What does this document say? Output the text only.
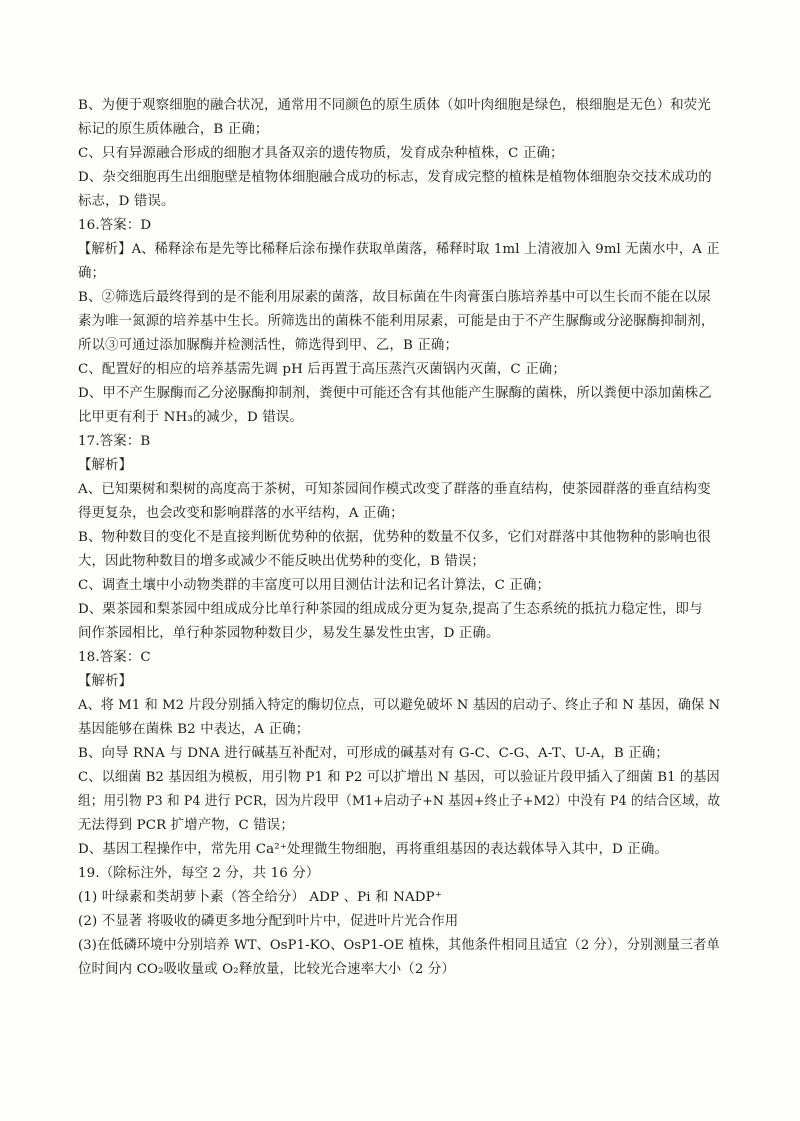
B、为便于观察细胞的融合状况，通常用不同颜色的原生质体（如叶肉细胞是绿色，根细胞是无色）和荧光
标记的原生质体融合，B 正确；
C、只有异源融合形成的细胞才具备双亲的遗传物质，发育成杂种植株，C 正确；
D、杂交细胞再生出细胞壁是植物体细胞融合成功的标志，发育成完整的植株是植物体细胞杂交技术成功的
标志，D 错误。
16.答案：D
【解析】A、稀释涂布是先等比稀释后涂布操作获取单菌落，稀释时取 1ml 上清液加入 9ml 无菌水中，A 正
确；
B、②筛选后最终得到的是不能利用尿素的菌落，故目标菌在牛肉膏蛋白胨培养基中可以生长而不能在以尿
素为唯一氮源的培养基中生长。所筛选出的菌株不能利用尿素，可能是由于不产生脲酶或分泌脲酶抑制剂，
所以③可通过添加脲酶并检测活性，筛选得到甲、乙，B 正确；
C、配置好的相应的培养基需先调 pH 后再置于高压蒸汽灭菌锅内灭菌，C 正确；
D、甲不产生脲酶而乙分泌脲酶抑制剂，粪便中可能还含有其他能产生脲酶的菌株，所以粪便中添加菌株乙
比甲更有利于 NH₃的减少，D 错误。
17.答案：B
【解析】
A、已知栗树和梨树的高度高于茶树，可知茶园间作模式改变了群落的垂直结构，使茶园群落的垂直结构变
得更复杂，也会改变和影响群落的水平结构，A 正确；
B、物种数目的变化不是直接判断优势种的依据，优势种的数量不仅多，它们对群落中其他物种的影响也很
大，因此物种数目的增多或减少不能反映出优势种的变化，B 错误；
C、调查土壤中小动物类群的丰富度可以用目测估计法和记名计算法，C 正确；
D、栗茶园和梨茶园中组成成分比单行种茶园的组成成分更为复杂,提高了生态系统的抵抗力稳定性，即与
间作茶园相比，单行种茶园物种数目少，易发生暴发性虫害，D 正确。
18.答案：C
【解析】
A、将 M1 和 M2 片段分别插入特定的酶切位点，可以避免破坏 N 基因的启动子、终止子和 N 基因，确保 N
基因能够在菌株 B2 中表达，A 正确；
B、向导 RNA 与 DNA 进行碱基互补配对，可形成的碱基对有 G-C、C-G、A-T、U-A，B 正确；
C、以细菌 B2 基因组为模板，用引物 P1 和 P2 可以扩增出 N 基因，可以验证片段甲插入了细菌 B1 的基因
组；用引物 P3 和 P4 进行 PCR，因为片段甲（M1+启动子+N 基因+终止子+M2）中没有 P4 的结合区域，故
无法得到 PCR 扩增产物，C 错误；
D、基因工程操作中，常先用 Ca²⁺处理微生物细胞，再将重组基因的表达载体导入其中，D 正确。
19.（除标注外，每空 2 分，共 16 分）
(1) 叶绿素和类胡萝卜素（答全给分） ADP 、Pi 和 NADP⁺
(2) 不显著 将吸收的磷更多地分配到叶片中，促进叶片光合作用
(3)在低磷环境中分别培养 WT、OsP1-KO、OsP1-OE 植株，其他条件相同且适宜（2 分），分别测量三者单
位时间内 CO₂吸收量或 O₂释放量，比较光合速率大小（2 分）
